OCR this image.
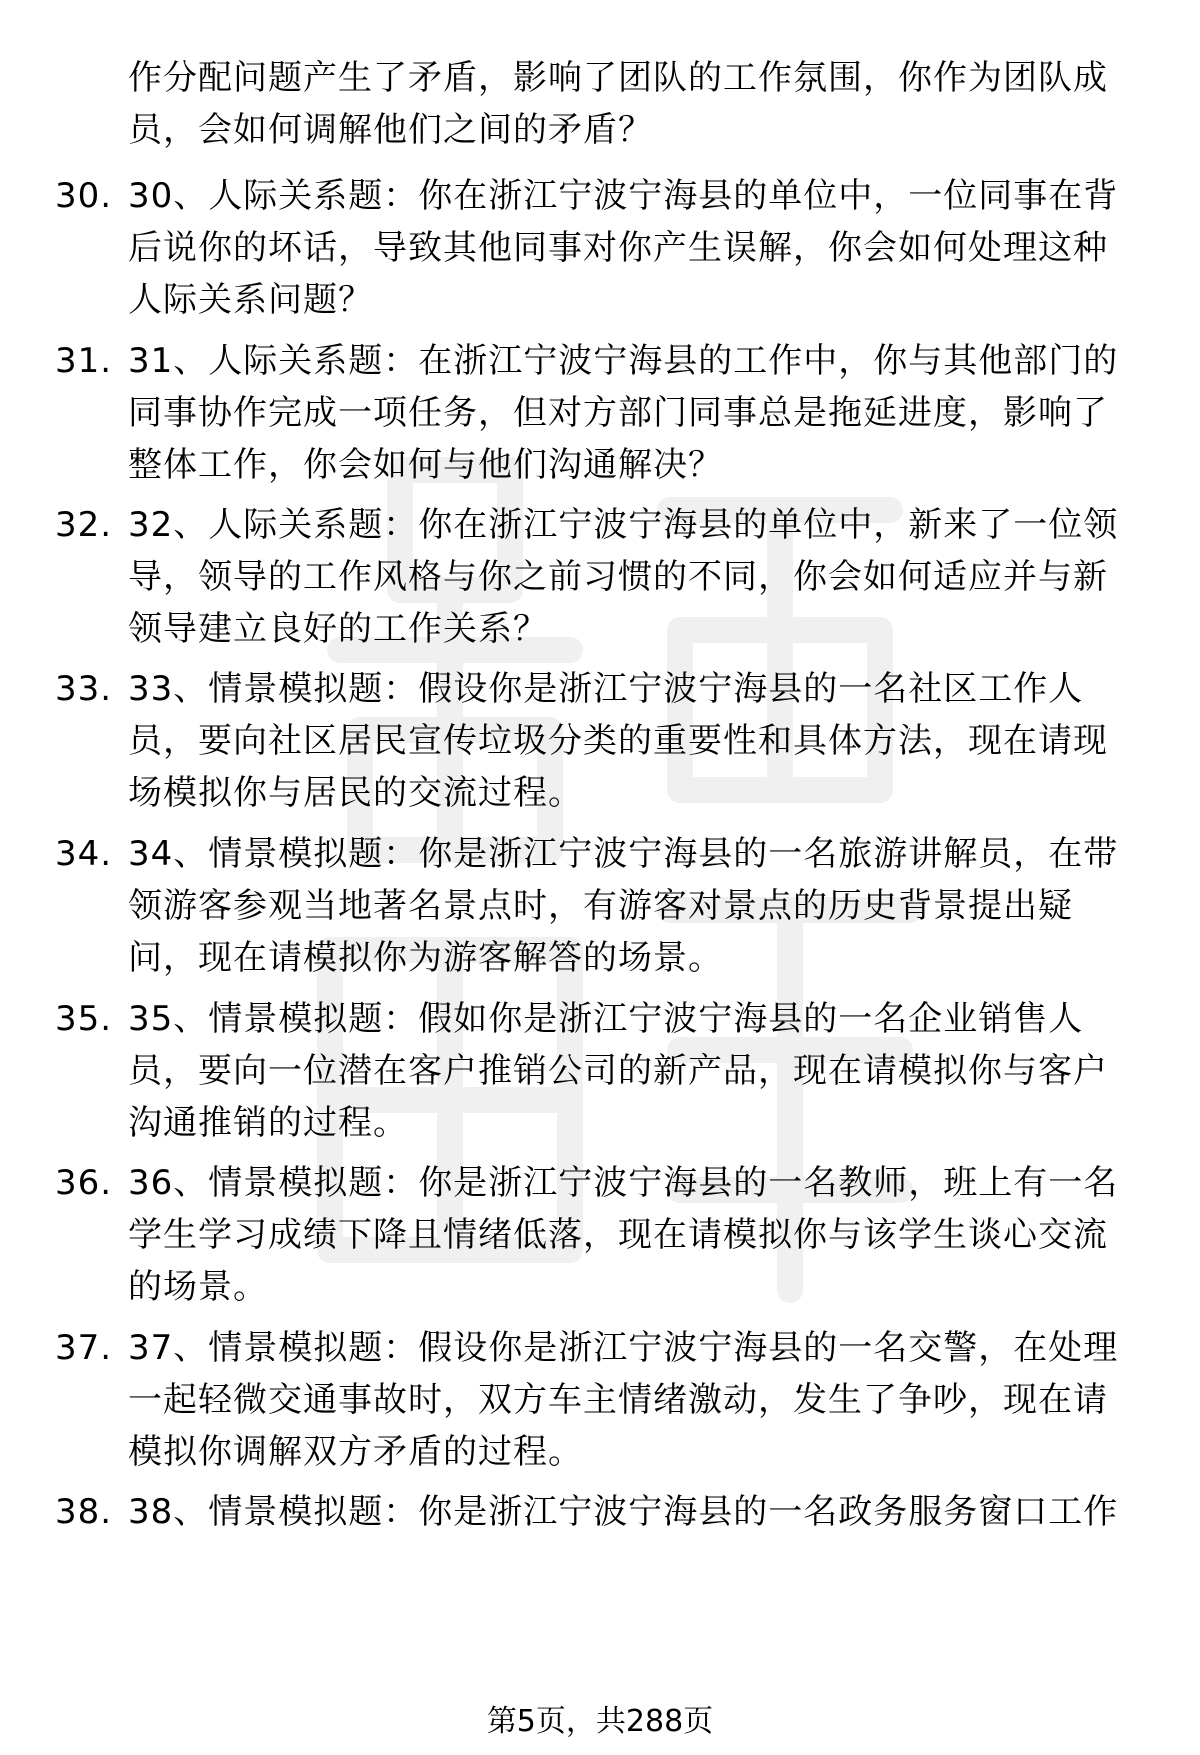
作分配问题产生了矛盾，影响了团队的工作氛围，你作为团队成
员，会如何调解他们之间的矛盾？
30. 30、人际关系题：你在浙江宁波宁海县的单位中，一位同事在背
后说你的坏话，导致其他同事对你产生误解，你会如何处理这种
人际关系问题？
31. 31、人际关系题：在浙江宁波宁海县的工作中，你与其他部门的
同事协作完成一项任务，但对方部门同事总是拖延进度，影响了
整体工作，你会如何与他们沟通解决？
32. 32、人际关系题：你在浙江宁波宁海县的单位中，新来了一位领
导，领导的工作风格与你之前习惯的不同，你会如何适应并与新
领导建立良好的工作关系？
33. 33、情景模拟题：假设你是浙江宁波宁海县的一名社区工作人
员，要向社区居民宣传垃圾分类的重要性和具体方法，现在请现
场模拟你与居民的交流过程。
34. 34、情景模拟题：你是浙江宁波宁海县的一名旅游讲解员，在带
领游客参观当地著名景点时，有游客对景点的历史背景提出疑
问，现在请模拟你为游客解答的场景。
35. 35、情景模拟题：假如你是浙江宁波宁海县的一名企业销售人
员，要向一位潜在客户推销公司的新产品，现在请模拟你与客户
沟通推销的过程。
36. 36、情景模拟题：你是浙江宁波宁海县的一名教师，班上有一名
学生学习成绩下降且情绪低落，现在请模拟你与该学生谈心交流
的场景。
37. 37、情景模拟题：假设你是浙江宁波宁海县的一名交警，在处理
一起轻微交通事故时，双方车主情绪激动，发生了争吵，现在请
模拟你调解双方矛盾的过程。
38. 38、情景模拟题：你是浙江宁波宁海县的一名政务服务窗口工作
第5页，共288页
